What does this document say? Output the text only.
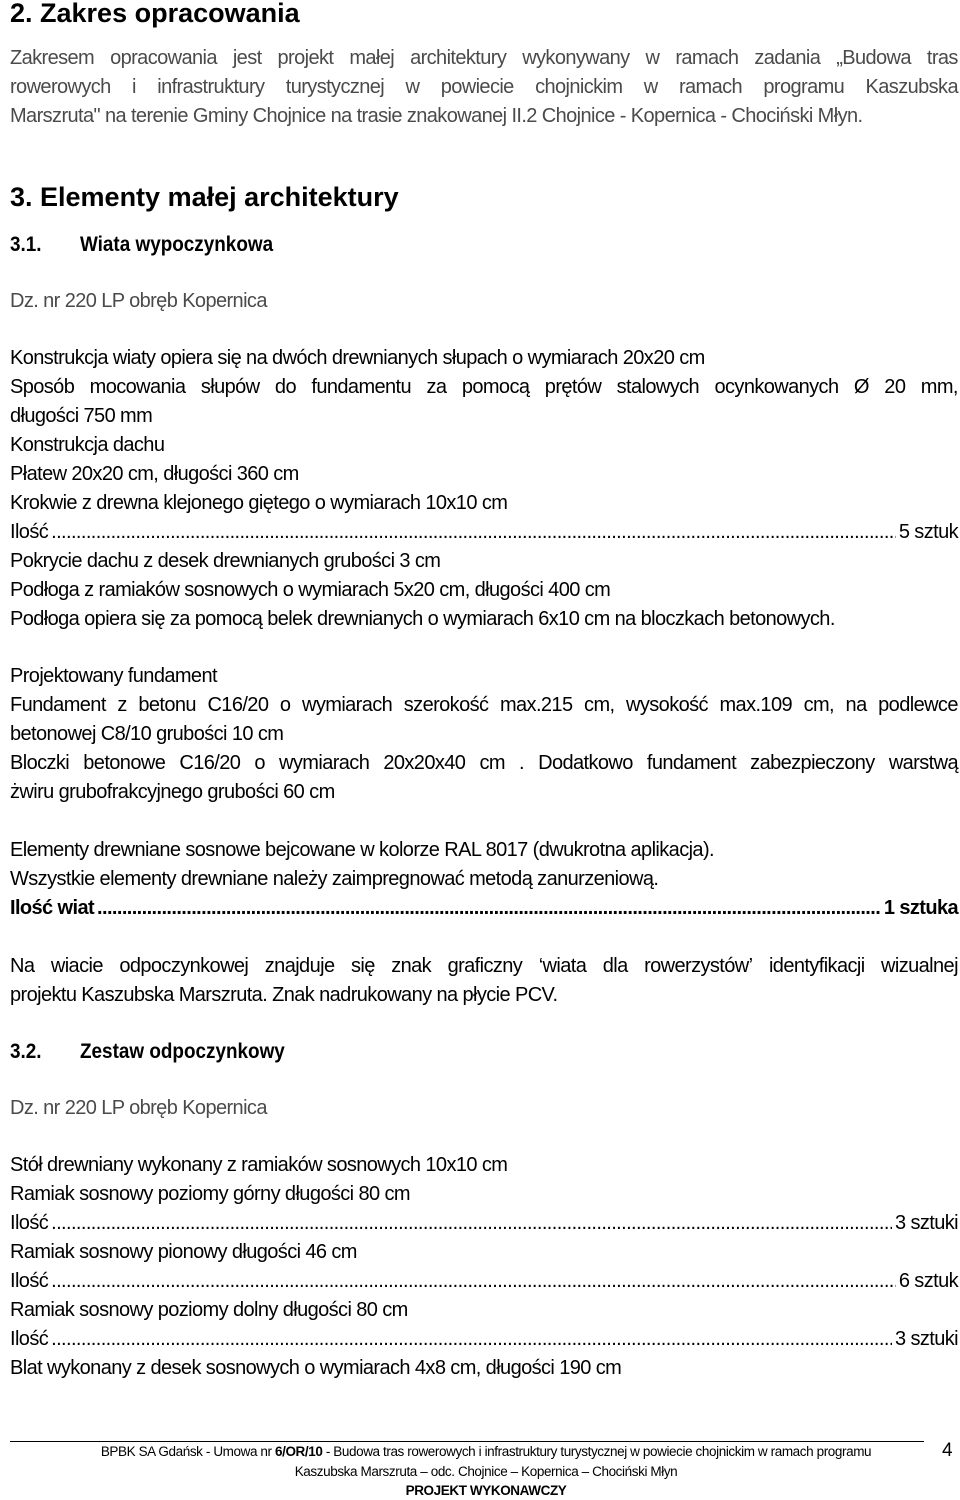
2. Zakres opracowania
Zakresem opracowania jest projekt małej architektury wykonywany w ramach zadania „Budowa tras
rowerowych i infrastruktury turystycznej w powiecie chojnickim w ramach programu Kaszubska
Marszruta" na terenie Gminy Chojnice na trasie znakowanej II.2 Chojnice - Kopernica - Chociński Młyn.
3. Elementy małej architektury
3.1. Wiata wypoczynkowa
Dz. nr 220 LP obręb Kopernica
Konstrukcja wiaty opiera się na dwóch drewnianych słupach o wymiarach 20x20 cm
Sposób mocowania słupów do fundamentu za pomocą prętów stalowych ocynkowanych Ø 20 mm,
długości 750 mm
Konstrukcja dachu
Płatew 20x20 cm, długości 360 cm
Krokwie z drewna klejonego giętego o wymiarach 10x10 cm
Ilość .....	5 sztuk
Pokrycie dachu z desek drewnianych grubości 3 cm
Podłoga z ramiaków sosnowych o wymiarach 5x20 cm, długości 400 cm
Podłoga opiera się za pomocą belek drewnianych o wymiarach 6x10 cm na bloczkach betonowych.
Projektowany fundament
Fundament z betonu C16/20 o wymiarach szerokość max.215 cm, wysokość max.109 cm, na podlewce
betonowej C8/10 grubości 10 cm
Bloczki betonowe C16/20 o wymiarach 20x20x40 cm . Dodatkowo fundament zabezpieczony warstwą
żwiru grubofrakcyjnego grubości 60 cm
Elementy drewniane sosnowe bejcowane w kolorze RAL 8017 (dwukrotna aplikacja).
Wszystkie elementy drewniane należy zaimpregnować metodą zanurzeniową.
Ilość wiat .....	1 sztuka
Na wiacie odpoczynkowej znajduje się znak graficzny ‘wiata dla rowerzystów’ identyfikacji wizualnej
projektu Kaszubska Marszruta. Znak nadrukowany na płycie PCV.
3.2. Zestaw odpoczynkowy
Dz. nr 220 LP obręb Kopernica
Stół drewniany wykonany z ramiaków sosnowych 10x10 cm
Ramiak sosnowy poziomy górny długości 80 cm
Ilość .....	3 sztuki
Ramiak sosnowy pionowy długości 46 cm
Ilość .....	6 sztuk
Ramiak sosnowy poziomy dolny długości 80 cm
Ilość .....	3 sztuki
Blat wykonany z desek sosnowych o wymiarach 4x8 cm, długości 190 cm
BPBK SA Gdańsk - Umowa nr 6/OR/10 - Budowa tras rowerowych i infrastruktury turystycznej w powiecie chojnickim w ramach programu
Kaszubska Marszruta – odc. Chojnice – Kopernica – Chociński Młyn
PROJEKT WYKONAWCZY
4
